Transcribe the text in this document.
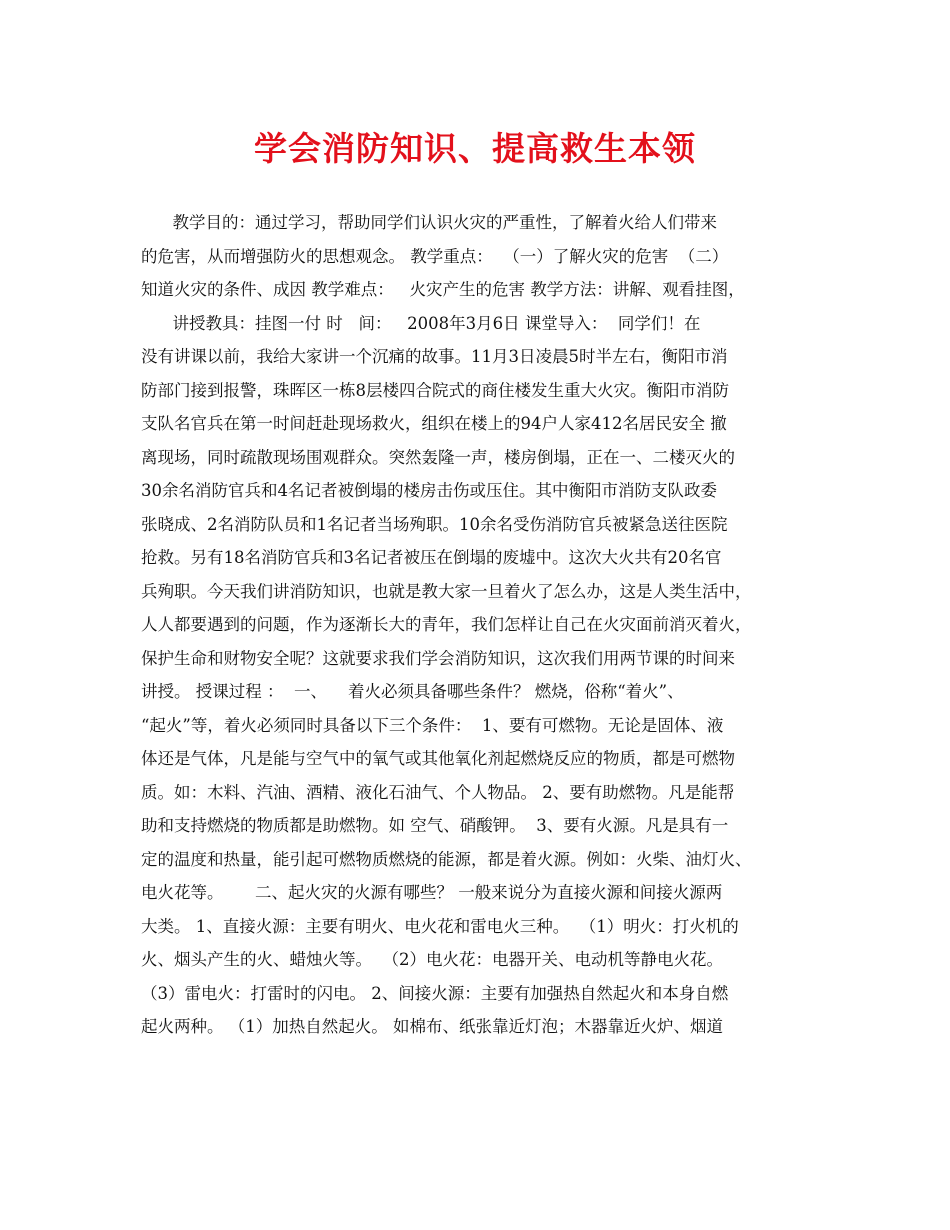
学会消防知识、提高救生本领
教学目的：通过学习，帮助同学们认识火灾的严重性，了解着火给人们带来
的危害，从而增强防火的思想观念。 教学重点：  （一）了解火灾的危害  （二）
知道火灾的条件、成因 教学难点：   火灾产生的危害 教学方法：讲解、观看挂图，
讲授教具：挂图一付 时   间：   2008年3月6日 课堂导入：  同学们！在
没有讲课以前，我给大家讲一个沉痛的故事。11月3日凌晨5时半左右，衡阳市消
防部门接到报警，珠晖区一栋8层楼四合院式的商住楼发生重大火灾。衡阳市消防
支队名官兵在第一时间赶赴现场救火，组织在楼上的94户人家412名居民安全 撤
离现场，同时疏散现场围观群众。突然轰隆一声，楼房倒塌，正在一、二楼灭火的
30余名消防官兵和4名记者被倒塌的楼房击伤或压住。其中衡阳市消防支队政委
张晓成、2名消防队员和1名记者当场殉职。10余名受伤消防官兵被紧急送往医院
抢救。另有18名消防官兵和3名记者被压在倒塌的废墟中。这次大火共有20名官
兵殉职。今天我们讲消防知识，也就是教大家一旦着火了怎么办，这是人类生活中，
人人都要遇到的问题，作为逐渐长大的青年，我们怎样让自己在火灾面前消灭着火，
保护生命和财物安全呢？这就要求我们学会消防知识，这次我们用两节课的时间来
讲授。 授课过程 ：  一、    着火必须具备哪些条件？ 燃烧，俗称“着火”、
“起火”等，着火必须同时具备以下三个条件：  1、要有可燃物。无论是固体、液
体还是气体，凡是能与空气中的氧气或其他氧化剂起燃烧反应的物质，都是可燃物
质。如：木料、汽油、酒精、液化石油气、个人物品。 2、要有助燃物。凡是能帮
助和支持燃烧的物质都是助燃物。如 空气、硝酸钾。  3、要有火源。凡是具有一
定的温度和热量，能引起可燃物质燃烧的能源，都是着火源。例如：火柴、油灯火、
电火花等。      二、起火灾的火源有哪些？ 一般来说分为直接火源和间接火源两
大类。 1、直接火源：主要有明火、电火花和雷电火三种。  （1）明火：打火机的
火、烟头产生的火、蜡烛火等。  （2）电火花：电器开关、电动机等静电火花。
（3）雷电火：打雷时的闪电。 2、间接火源：主要有加强热自然起火和本身自燃
起火两种。 （1）加热自然起火。 如棉布、纸张靠近灯泡；木器靠近火炉、烟道
